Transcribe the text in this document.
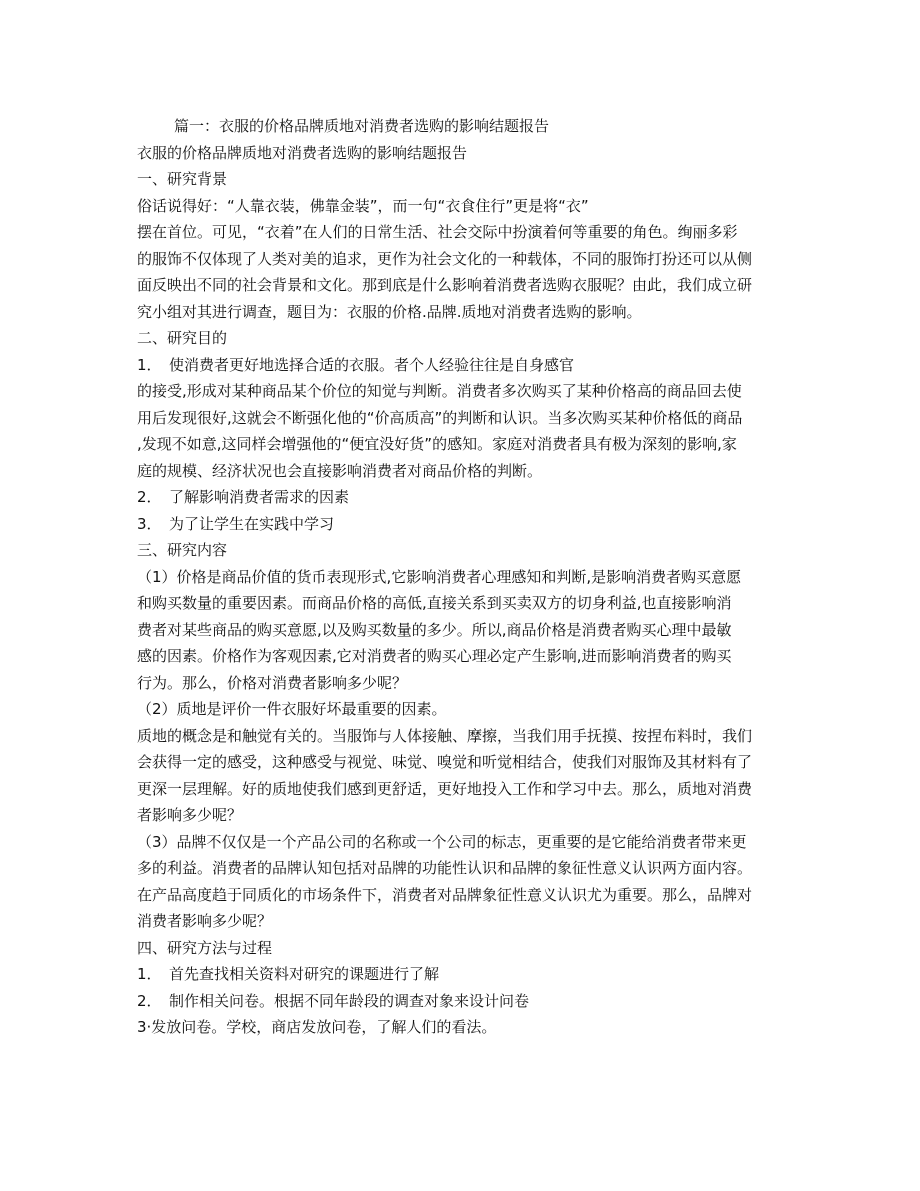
篇一：衣服的价格品牌质地对消费者选购的影响结题报告
衣服的价格品牌质地对消费者选购的影响结题报告
一、研究背景
俗话说得好：“人靠衣装，佛靠金装”，而一句“衣食住行”更是将“衣”
摆在首位。可见，“衣着”在人们的日常生活、社会交际中扮演着何等重要的角色。绚丽多彩
的服饰不仅体现了人类对美的追求，更作为社会文化的一种载体，不同的服饰打扮还可以从侧
面反映出不同的社会背景和文化。那到底是什么影响着消费者选购衣服呢？由此，我们成立研
究小组对其进行调查，题目为：衣服的价格.品牌.质地对消费者选购的影响。
二、研究目的
1．　使消费者更好地选择合适的衣服。者个人经验往往是自身感官
的接受,形成对某种商品某个价位的知觉与判断。消费者多次购买了某种价格高的商品回去使
用后发现很好,这就会不断强化他的“价高质高”的判断和认识。当多次购买某种价格低的商品
,发现不如意,这同样会增强他的“便宜没好货”的感知。家庭对消费者具有极为深刻的影响,家
庭的规模、经济状况也会直接影响消费者对商品价格的判断。
2．　了解影响消费者需求的因素
3．　为了让学生在实践中学习
三、研究内容
（1）价格是商品价值的货币表现形式,它影响消费者心理感知和判断,是影响消费者购买意愿
和购买数量的重要因素。而商品价格的高低,直接关系到买卖双方的切身利益,也直接影响消
费者对某些商品的购买意愿,以及购买数量的多少。所以,商品价格是消费者购买心理中最敏
感的因素。价格作为客观因素,它对消费者的购买心理必定产生影响,进而影响消费者的购买
行为。那么，价格对消费者影响多少呢？
（2）质地是评价一件衣服好坏最重要的因素。
质地的概念是和触觉有关的。当服饰与人体接触、摩擦，当我们用手抚摸、按捏布料时，我们
会获得一定的感受，这种感受与视觉、味觉、嗅觉和听觉相结合，使我们对服饰及其材料有了
更深一层理解。好的质地使我们感到更舒适，更好地投入工作和学习中去。那么，质地对消费
者影响多少呢？
（3）品牌不仅仅是一个产品公司的名称或一个公司的标志，更重要的是它能给消费者带来更
多的利益。消费者的品牌认知包括对品牌的功能性认识和品牌的象征性意义认识两方面内容。
在产品高度趋于同质化的市场条件下，消费者对品牌象征性意义认识尤为重要。那么，品牌对
消费者影响多少呢？
四、研究方法与过程
1．　首先查找相关资料对研究的课题进行了解
2．　制作相关问卷。根据不同年龄段的调查对象来设计问卷
3·发放问卷。学校，商店发放问卷，了解人们的看法。
